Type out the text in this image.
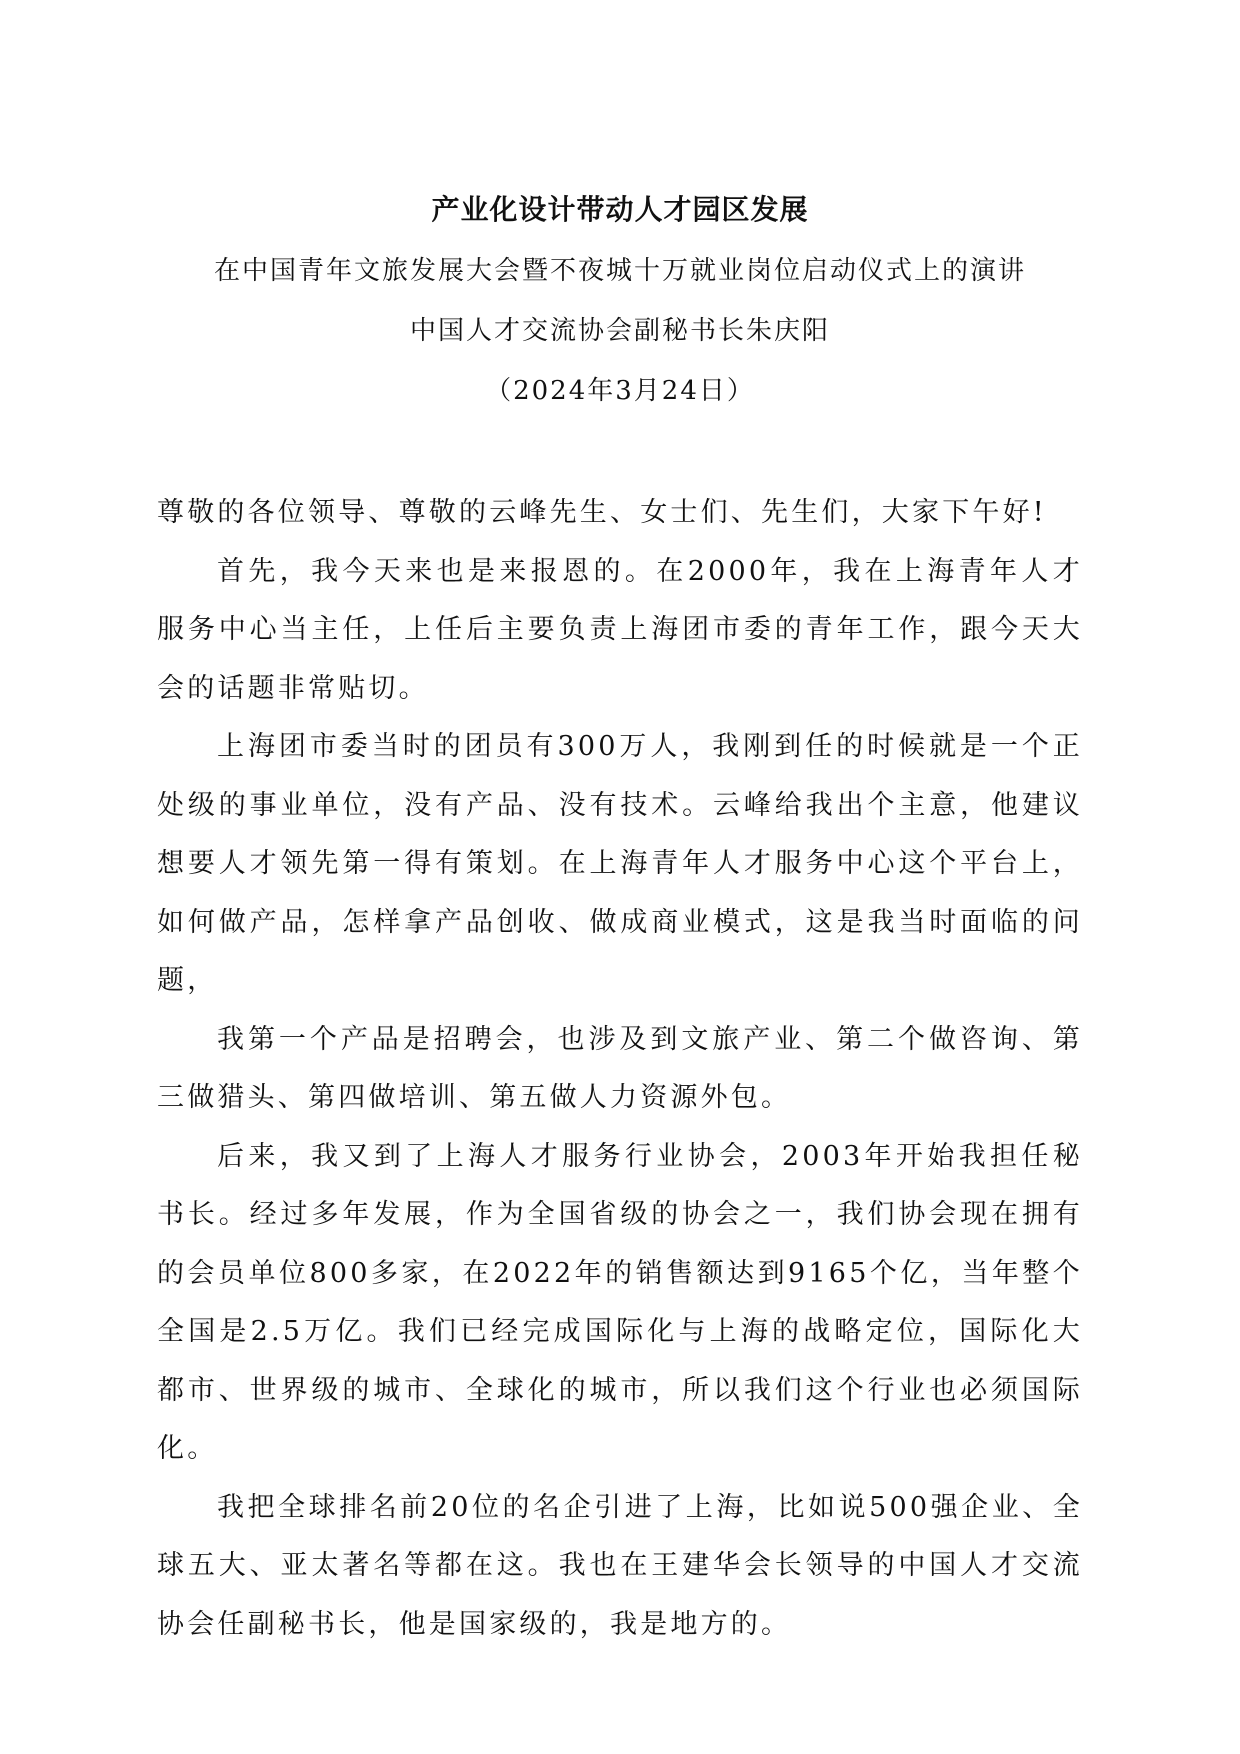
产业化设计带动人才园区发展

在中国青年文旅发展大会暨不夜城十万就业岗位启动仪式上的演讲

中国人才交流协会副秘书长朱庆阳

（2024年3月24日）

尊敬的各位领导、尊敬的云峰先生、女士们、先生们，大家下午好!

首先，我今天来也是来报恩的。在2000年，我在上海青年人才服务中心当主任，上任后主要负责上海团市委的青年工作，跟今天大会的话题非常贴切。

上海团市委当时的团员有300万人，我刚到任的时候就是一个正处级的事业单位，没有产品、没有技术。云峰给我出个主意，他建议想要人才领先第一得有策划。在上海青年人才服务中心这个平台上，如何做产品，怎样拿产品创收、做成商业模式，这是我当时面临的问题，

我第一个产品是招聘会，也涉及到文旅产业、第二个做咨询、第三做猎头、第四做培训、第五做人力资源外包。

后来，我又到了上海人才服务行业协会，2003年开始我担任秘书长。经过多年发展，作为全国省级的协会之一，我们协会现在拥有的会员单位800多家，在2022年的销售额达到9165个亿，当年整个全国是2.5万亿。我们已经完成国际化与上海的战略定位，国际化大都市、世界级的城市、全球化的城市，所以我们这个行业也必须国际化。

我把全球排名前20位的名企引进了上海，比如说500强企业、全球五大、亚太著名等都在这。我也在王建华会长领导的中国人才交流协会任副秘书长，他是国家级的，我是地方的。
